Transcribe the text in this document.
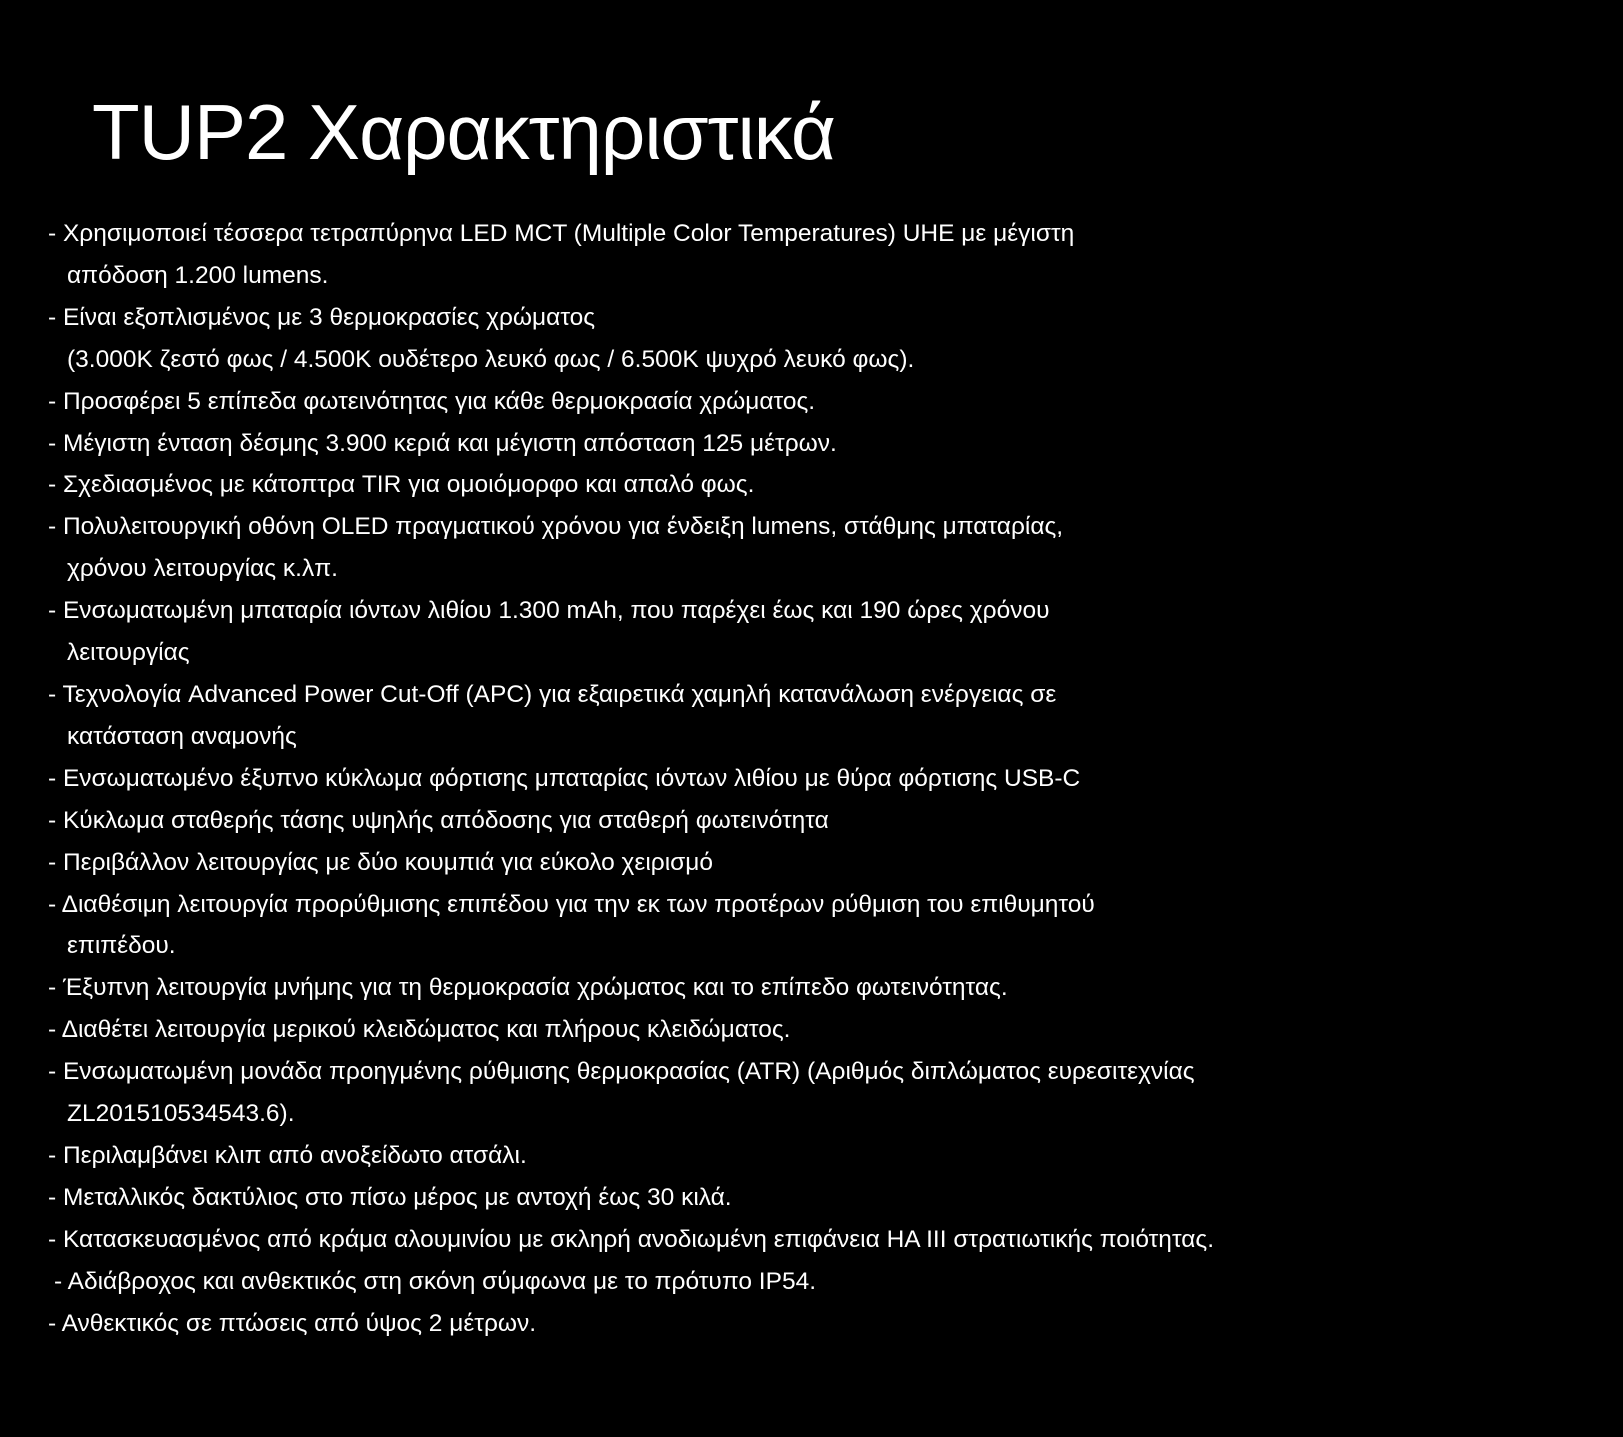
TUP2 Χαρακτηριστικά
- Χρησιμοποιεί τέσσερα τετραπύρηνα LED MCT (Multiple Color Temperatures) UHE με μέγιστη
απόδοση 1.200 lumens.
- Είναι εξοπλισμένος με 3 θερμοκρασίες χρώματος
(3.000K ζεστό φως / 4.500K ουδέτερο λευκό φως / 6.500K ψυχρό λευκό φως).
- Προσφέρει 5 επίπεδα φωτεινότητας για κάθε θερμοκρασία χρώματος.
- Μέγιστη ένταση δέσμης 3.900 κεριά και μέγιστη απόσταση 125 μέτρων.
- Σχεδιασμένος με κάτοπτρα TIR για ομοιόμορφο και απαλό φως.
- Πολυλειτουργική οθόνη OLED πραγματικού χρόνου για ένδειξη lumens, στάθμης μπαταρίας,
χρόνου λειτουργίας κ.λπ.
- Ενσωματωμένη μπαταρία ιόντων λιθίου 1.300 mAh, που παρέχει έως και 190 ώρες χρόνου
λειτουργίας
- Τεχνολογία Advanced Power Cut-Off (APC) για εξαιρετικά χαμηλή κατανάλωση ενέργειας σε
κατάσταση αναμονής
- Ενσωματωμένο έξυπνο κύκλωμα φόρτισης μπαταρίας ιόντων λιθίου με θύρα φόρτισης USB-C
- Κύκλωμα σταθερής τάσης υψηλής απόδοσης για σταθερή φωτεινότητα
- Περιβάλλον λειτουργίας με δύο κουμπιά για εύκολο χειρισμό
- Διαθέσιμη λειτουργία προρύθμισης επιπέδου για την εκ των προτέρων ρύθμιση του επιθυμητού
επιπέδου.
- Έξυπνη λειτουργία μνήμης για τη θερμοκρασία χρώματος και το επίπεδο φωτεινότητας.
- Διαθέτει λειτουργία μερικού κλειδώματος και πλήρους κλειδώματος.
- Ενσωματωμένη μονάδα προηγμένης ρύθμισης θερμοκρασίας (ATR) (Αριθμός διπλώματος ευρεσιτεχνίας
ZL201510534543.6).
- Περιλαμβάνει κλιπ από ανοξείδωτο ατσάλι.
- Μεταλλικός δακτύλιος στο πίσω μέρος με αντοχή έως 30 κιλά.
- Κατασκευασμένος από κράμα αλουμινίου με σκληρή ανοδιωμένη επιφάνεια HA III στρατιωτικής ποιότητας.
- Αδιάβροχος και ανθεκτικός στη σκόνη σύμφωνα με το πρότυπο IP54.
- Ανθεκτικός σε πτώσεις από ύψος 2 μέτρων.
